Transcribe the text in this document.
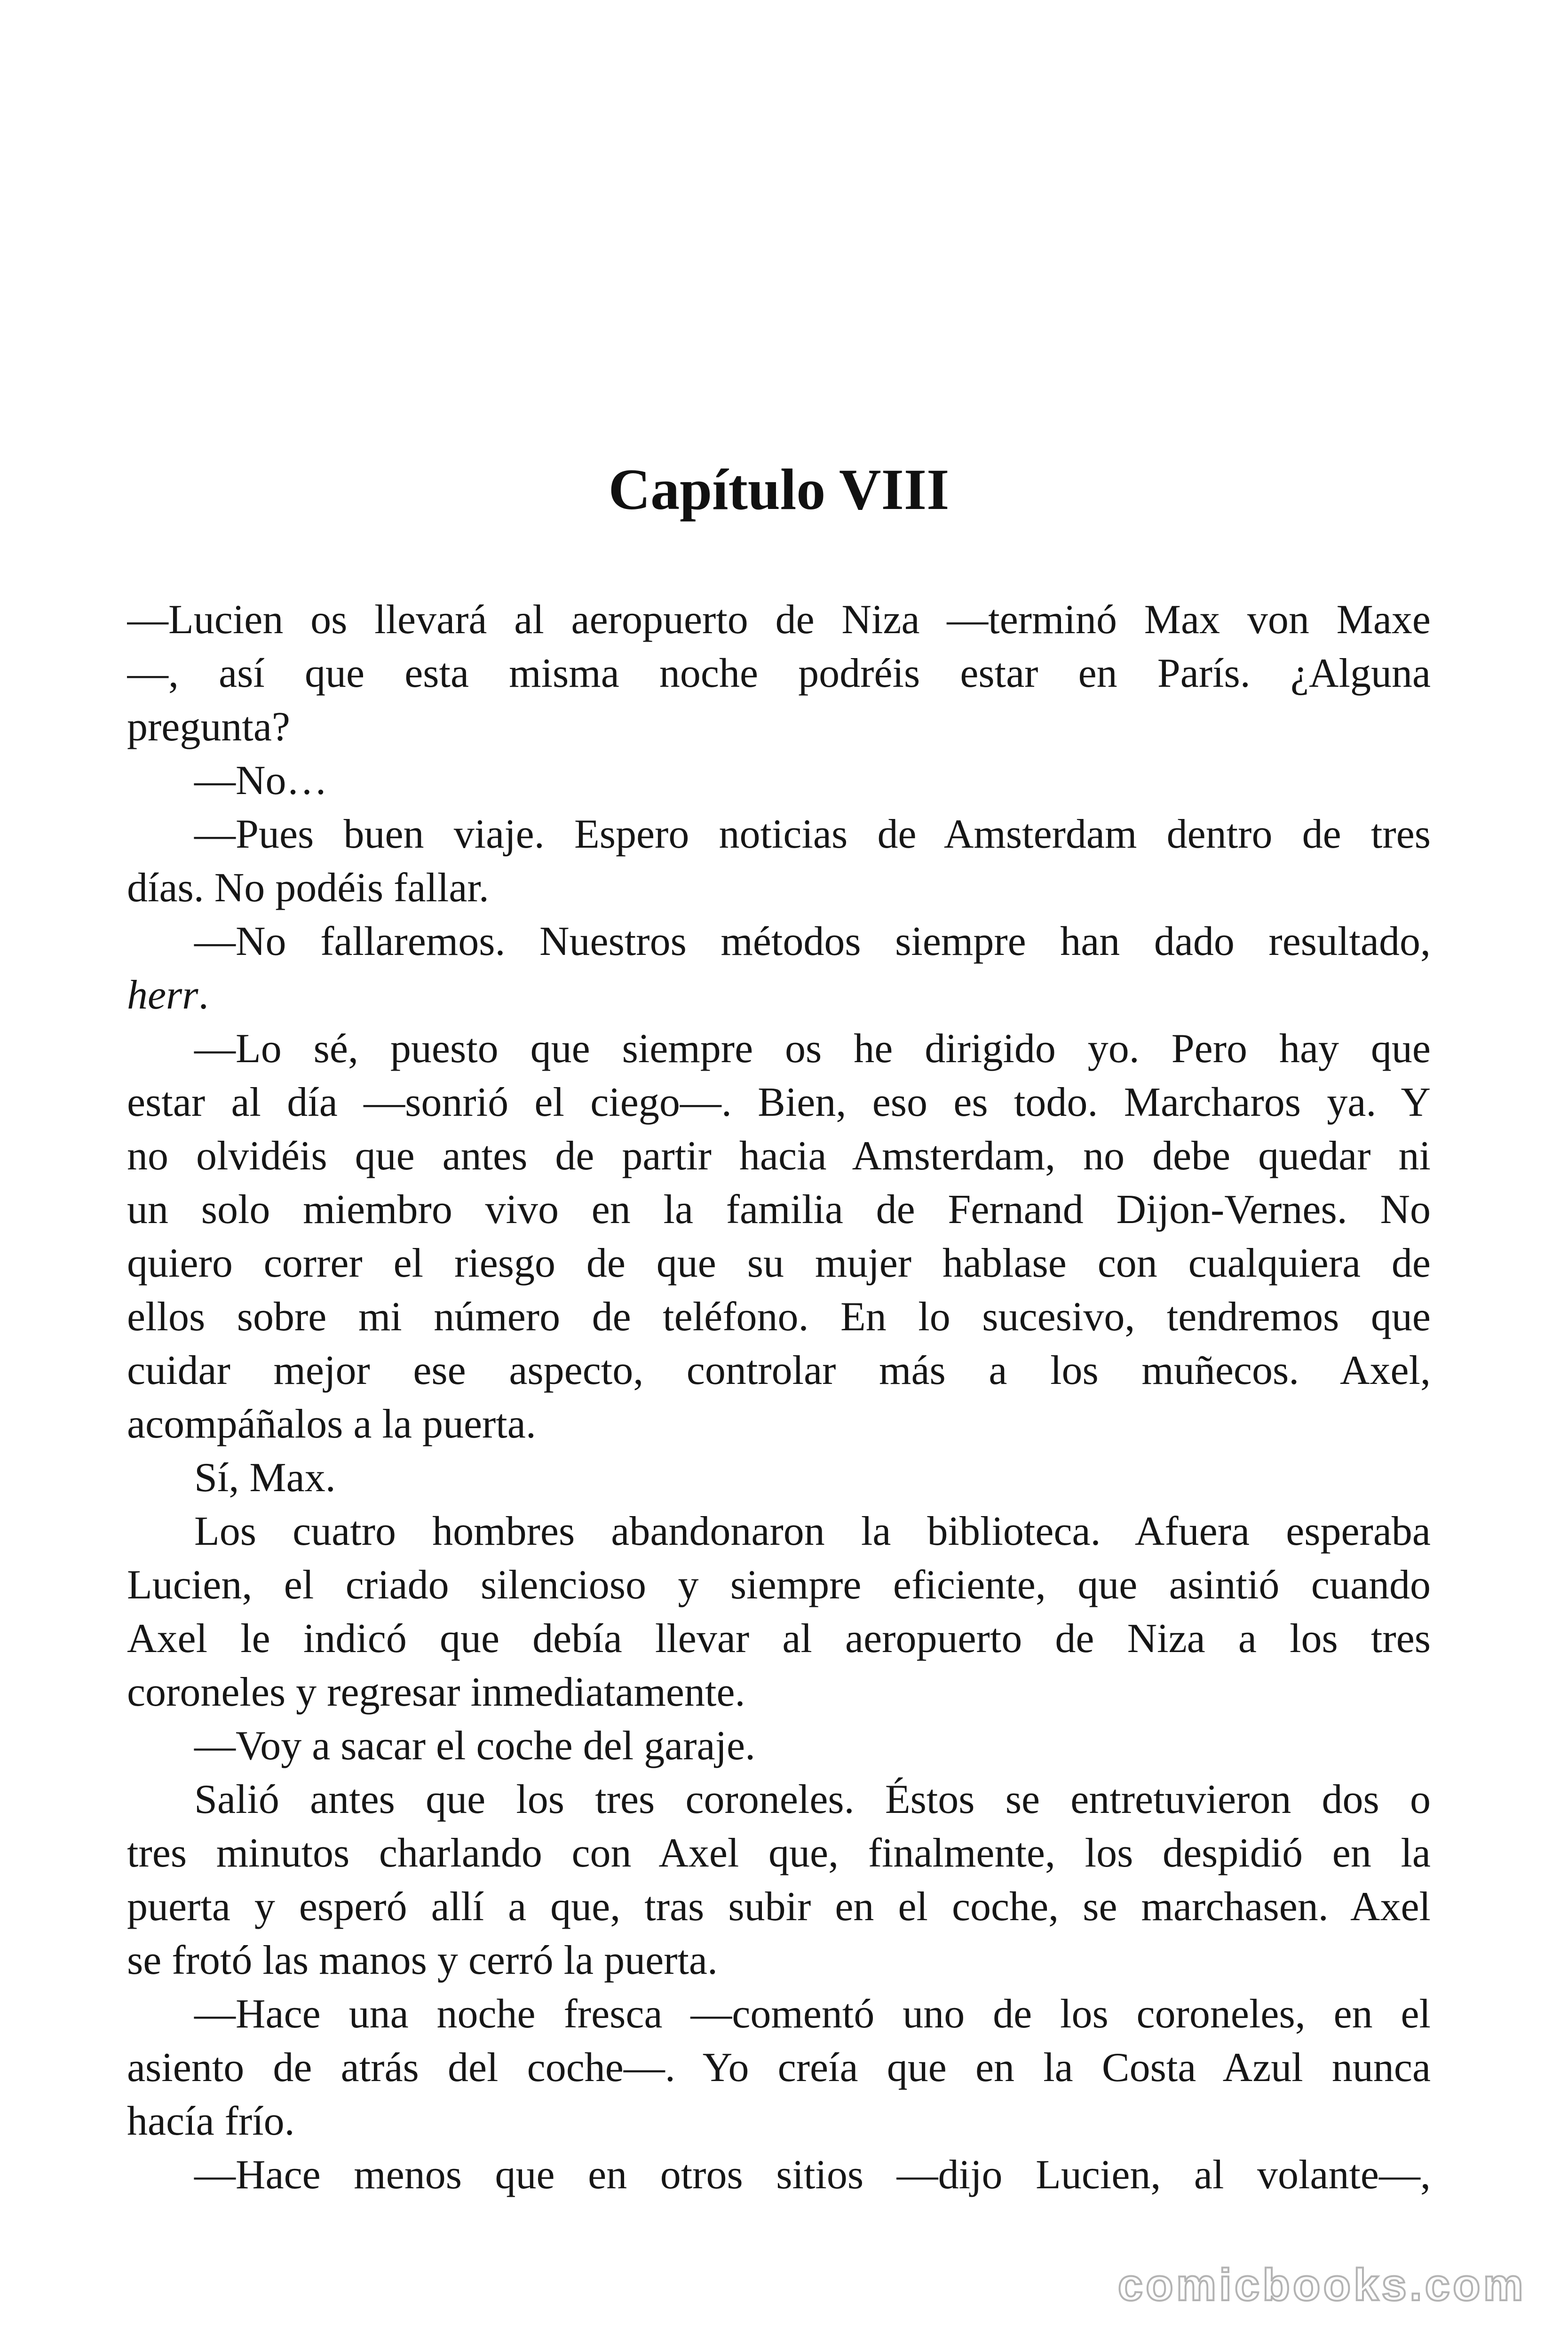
Capítulo VIII
—Lucien os llevará al aeropuerto de Niza —terminó Max von Maxe
—, así que esta misma noche podréis estar en París. ¿Alguna
pregunta?
—No…
—Pues buen viaje. Espero noticias de Amsterdam dentro de tres
días. No podéis fallar.
—No fallaremos. Nuestros métodos siempre han dado resultado,
herr.
—Lo sé, puesto que siempre os he dirigido yo. Pero hay que
estar al día —sonrió el ciego—. Bien, eso es todo. Marcharos ya. Y
no olvidéis que antes de partir hacia Amsterdam, no debe quedar ni
un solo miembro vivo en la familia de Fernand Dijon-Vernes. No
quiero correr el riesgo de que su mujer hablase con cualquiera de
ellos sobre mi número de teléfono. En lo sucesivo, tendremos que
cuidar mejor ese aspecto, controlar más a los muñecos. Axel,
acompáñalos a la puerta.
Sí, Max.
Los cuatro hombres abandonaron la biblioteca. Afuera esperaba
Lucien, el criado silencioso y siempre eficiente, que asintió cuando
Axel le indicó que debía llevar al aeropuerto de Niza a los tres
coroneles y regresar inmediatamente.
—Voy a sacar el coche del garaje.
Salió antes que los tres coroneles. Éstos se entretuvieron dos o
tres minutos charlando con Axel que, finalmente, los despidió en la
puerta y esperó allí a que, tras subir en el coche, se marchasen. Axel
se frotó las manos y cerró la puerta.
—Hace una noche fresca —comentó uno de los coroneles, en el
asiento de atrás del coche—. Yo creía que en la Costa Azul nunca
hacía frío.
—Hace menos que en otros sitios —dijo Lucien, al volante—,
comicbooks.com
